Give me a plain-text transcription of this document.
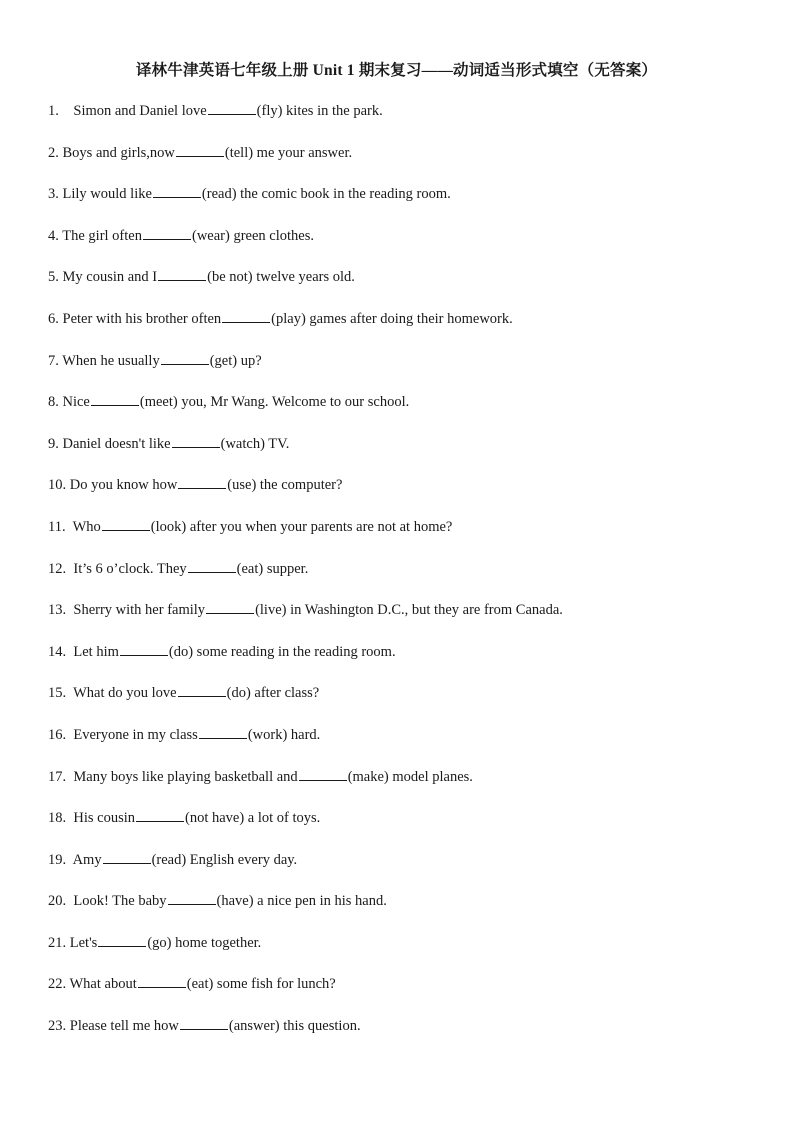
译林牛津英语七年级上册 Unit 1 期末复习——动词适当形式填空（无答案）
1. Simon and Daniel love	(fly) kites in the park.
2. Boys and girls,now	(tell) me your answer.
3. Lily would like	(read) the comic book in the reading room.
4. The girl often	(wear) green clothes.
5. My cousin and I	(be not) twelve years old.
6. Peter with his brother often	(play) games after doing their homework.
7. When he usually	(get) up?
8. Nice	(meet) you, Mr Wang. Welcome to our school.
9. Daniel doesn't like	(watch) TV.
10. Do you know how	(use) the computer?
11. Who	(look) after you when your parents are not at home?
12. It’s 6 o’clock. They	(eat) supper.
13. Sherry with her family	(live) in Washington D.C., but they are from Canada.
14. Let him	(do) some reading in the reading room.
15. What do you love	(do) after class?
16. Everyone in my class	(work) hard.
17. Many boys like playing basketball and	(make) model planes.
18. His cousin	(not have) a lot of toys.
19. Amy	(read) English every day.
20. Look! The baby	(have) a nice pen in his hand.
21. Let's	(go) home together.
22. What about	(eat) some fish for lunch?
23. Please tell me how	(answer) this question.
